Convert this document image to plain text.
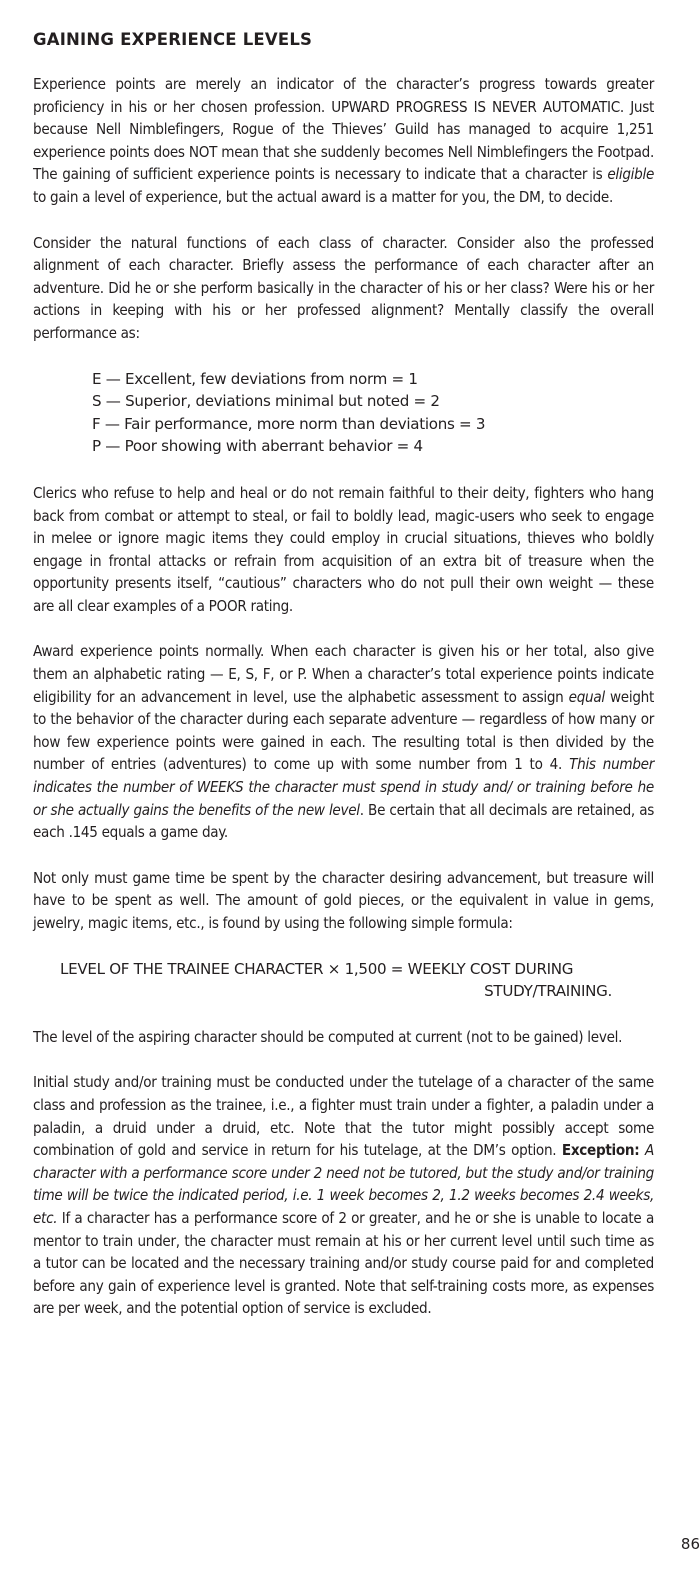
GAINING EXPERIENCE LEVELS

Experience points are merely an indicator of the character’s progress towards greater proficiency in his or her chosen profession. UPWARD PROGRESS IS NEVER AUTOMATIC. Just because Nell Nimblefingers, Rogue of the Thieves’ Guild has managed to acquire 1,251 experience points does NOT mean that she suddenly becomes Nell Nimblefingers the Footpad. The gaining of sufficient experience points is necessary to indicate that a character is eligible to gain a level of experience, but the actual award is a matter for you, the DM, to decide.

Consider the natural functions of each class of character. Consider also the professed alignment of each character. Briefly assess the performance of each character after an adventure. Did he or she perform basically in the character of his or her class? Were his or her actions in keeping with his or her professed alignment? Mentally classify the overall performance as:

E — Excellent, few deviations from norm = 1
S — Superior, deviations minimal but noted = 2
F — Fair performance, more norm than deviations = 3
P — Poor showing with aberrant behavior = 4

Clerics who refuse to help and heal or do not remain faithful to their deity, fighters who hang back from combat or attempt to steal, or fail to boldly lead, magic-users who seek to engage in melee or ignore magic items they could employ in crucial situations, thieves who boldly engage in frontal attacks or refrain from acquisition of an extra bit of treasure when the opportunity presents itself, “cautious” characters who do not pull their own weight — these are all clear examples of a POOR rating.

Award experience points normally. When each character is given his or her total, also give them an alphabetic rating — E, S, F, or P. When a character’s total experience points indicate eligibility for an advancement in level, use the alphabetic assessment to assign equal weight to the behavior of the character during each separate adventure — regardless of how many or how few experience points were gained in each. The resulting total is then divided by the number of entries (adventures) to come up with some number from 1 to 4. This number indicates the number of WEEKS the character must spend in study and/ or training before he or she actually gains the benefits of the new level. Be certain that all decimals are retained, as each .145 equals a game day.

Not only must game time be spent by the character desiring advancement, but treasure will have to be spent as well. The amount of gold pieces, or the equivalent in value in gems, jewelry, magic items, etc., is found by using the following simple formula:

LEVEL OF THE TRAINEE CHARACTER × 1,500 = WEEKLY COST DURING
STUDY/TRAINING.

The level of the aspiring character should be computed at current (not to be gained) level.

Initial study and/or training must be conducted under the tutelage of a character of the same class and profession as the trainee, i.e., a fighter must train under a fighter, a paladin under a paladin, a druid under a druid, etc. Note that the tutor might possibly accept some combination of gold and service in return for his tutelage, at the DM’s option. Exception: A character with a performance score under 2 need not be tutored, but the study and/or training time will be twice the indicated period, i.e. 1 week becomes 2, 1.2 weeks becomes 2.4 weeks, etc. If a character has a performance score of 2 or greater, and he or she is unable to locate a mentor to train under, the character must remain at his or her current level until such time as a tutor can be located and the necessary training and/or study course paid for and completed before any gain of experience level is granted. Note that self-training costs more, as expenses are per week, and the potential option of service is excluded.

86
